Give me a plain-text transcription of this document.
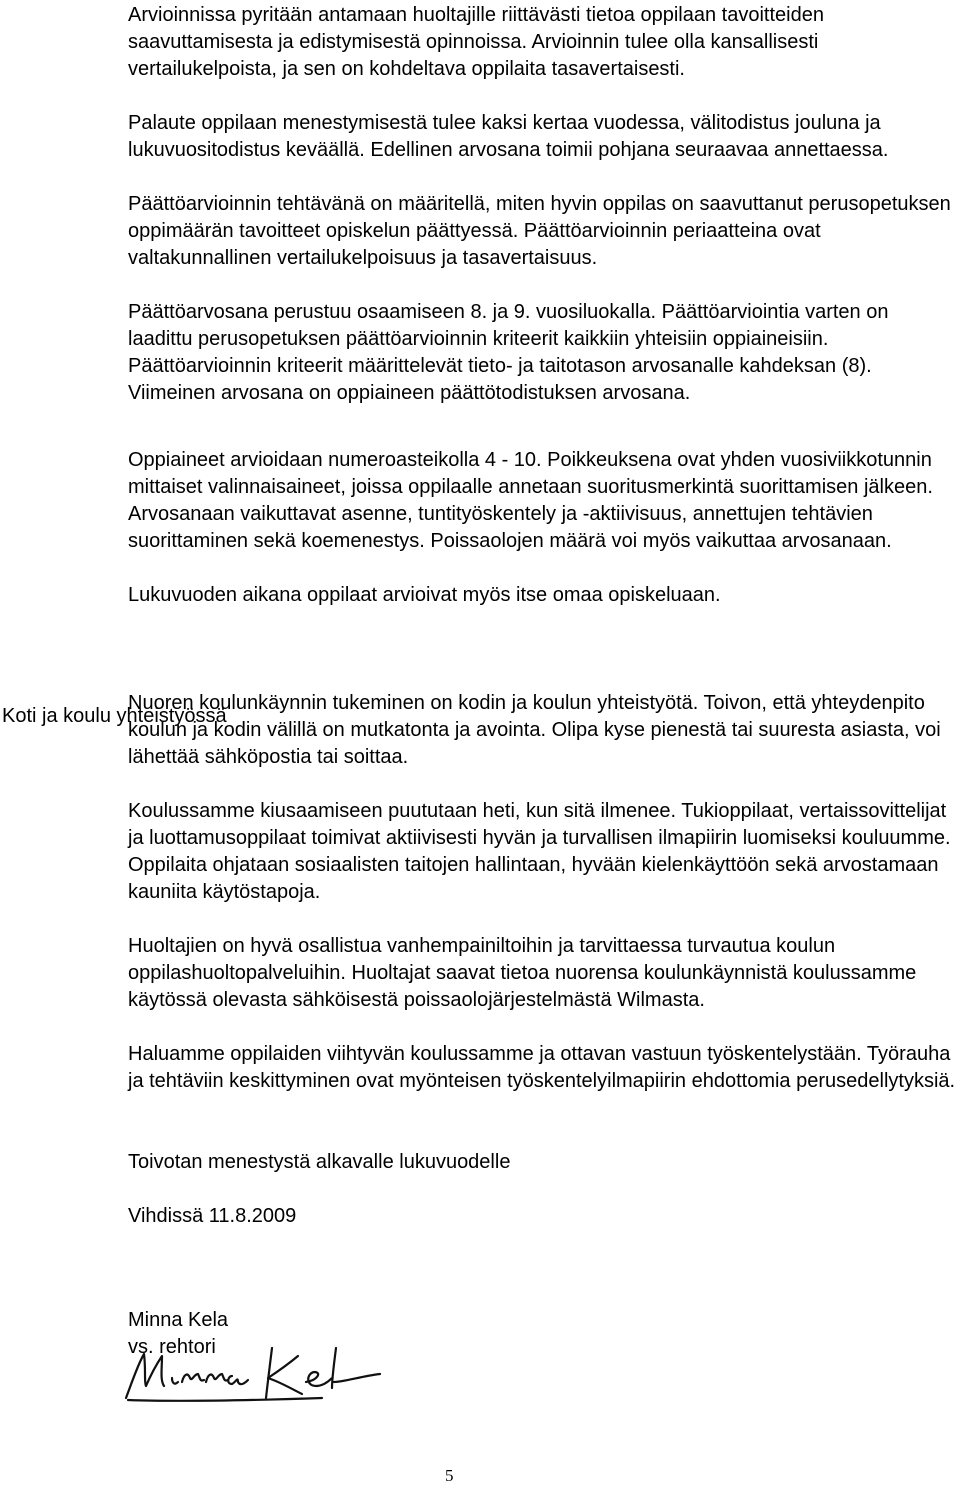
Arvioinnissa pyritään antamaan huoltajille riittävästi tietoa oppilaan tavoitteiden saavuttamisesta ja edistymisestä opinnoissa. Arvioinnin tulee olla kansallisesti vertailukelpoista, ja sen on kohdeltava oppilaita tasavertaisesti.

Palaute oppilaan menestymisestä tulee kaksi kertaa vuodessa, välitodistus jouluna ja lukuvuositodistus keväällä. Edellinen arvosana toimii pohjana seuraavaa annettaessa.

Päättöarvioinnin tehtävänä on määritellä, miten hyvin oppilas on saavuttanut perusopetuksen oppimäärän tavoitteet opiskelun päättyessä. Päättöarvioinnin periaatteina ovat valtakunnallinen vertailukelpoisuus ja tasavertaisuus.

Päättöarvosana perustuu osaamiseen 8. ja 9. vuosiluokalla. Päättöarviointia varten on laadittu perusopetuksen päättöarvioinnin kriteerit kaikkiin yhteisiin oppiaineisiin. Päättöarvioinnin kriteerit määrittelevät tieto- ja taitotason arvosanalle kahdeksan (8). Viimeinen arvosana on oppiaineen päättötodistuksen arvosana.

Oppiaineet arvioidaan numeroasteikolla 4 - 10. Poikkeuksena ovat yhden vuosiviikkotunnin mittaiset valinnaisaineet, joissa oppilaalle annetaan suoritusmerkintä suorittamisen jälkeen. Arvosanaan vaikuttavat asenne, tuntityöskentely ja -aktiivisuus, annettujen tehtävien suorittaminen sekä koemenestys. Poissaolojen määrä voi myös vaikuttaa arvosanaan.

Lukuvuoden aikana oppilaat arvioivat myös itse omaa opiskeluaan.

Nuoren koulunkäynnin tukeminen on kodin ja koulun yhteistyötä. Toivon, että yhteydenpito koulun ja kodin välillä on mutkatonta ja avointa. Olipa kyse pienestä tai suuresta asiasta, voi lähettää sähköpostia tai soittaa.

Koulussamme kiusaamiseen puututaan heti, kun sitä ilmenee. Tukioppilaat, vertaissovittelijat ja luottamusoppilaat toimivat aktiivisesti hyvän ja turvallisen ilmapiirin luomiseksi kouluumme. Oppilaita ohjataan sosiaalisten taitojen hallintaan, hyvään kielenkäyttöön sekä arvostamaan kauniita käytöstapoja.

Huoltajien on hyvä osallistua vanhempainiltoihin ja tarvittaessa turvautua koulun oppilashuoltopalveluihin. Huoltajat saavat tietoa nuorensa koulunkäynnistä koulussamme käytössä olevasta sähköisestä poissaolojärjestelmästä Wilmasta.

Haluamme oppilaiden viihtyvän koulussamme ja ottavan vastuun työskentelystään. Työrauha ja tehtäviin keskittyminen ovat myönteisen työskentelyilmapiirin ehdottomia perusedellytyksiä.

Toivotan menestystä alkavalle lukuvuodelle

Vihdissä 11.8.2009

Minna Kela

vs. rehtori

Koti ja koulu yhteistyössä

5
